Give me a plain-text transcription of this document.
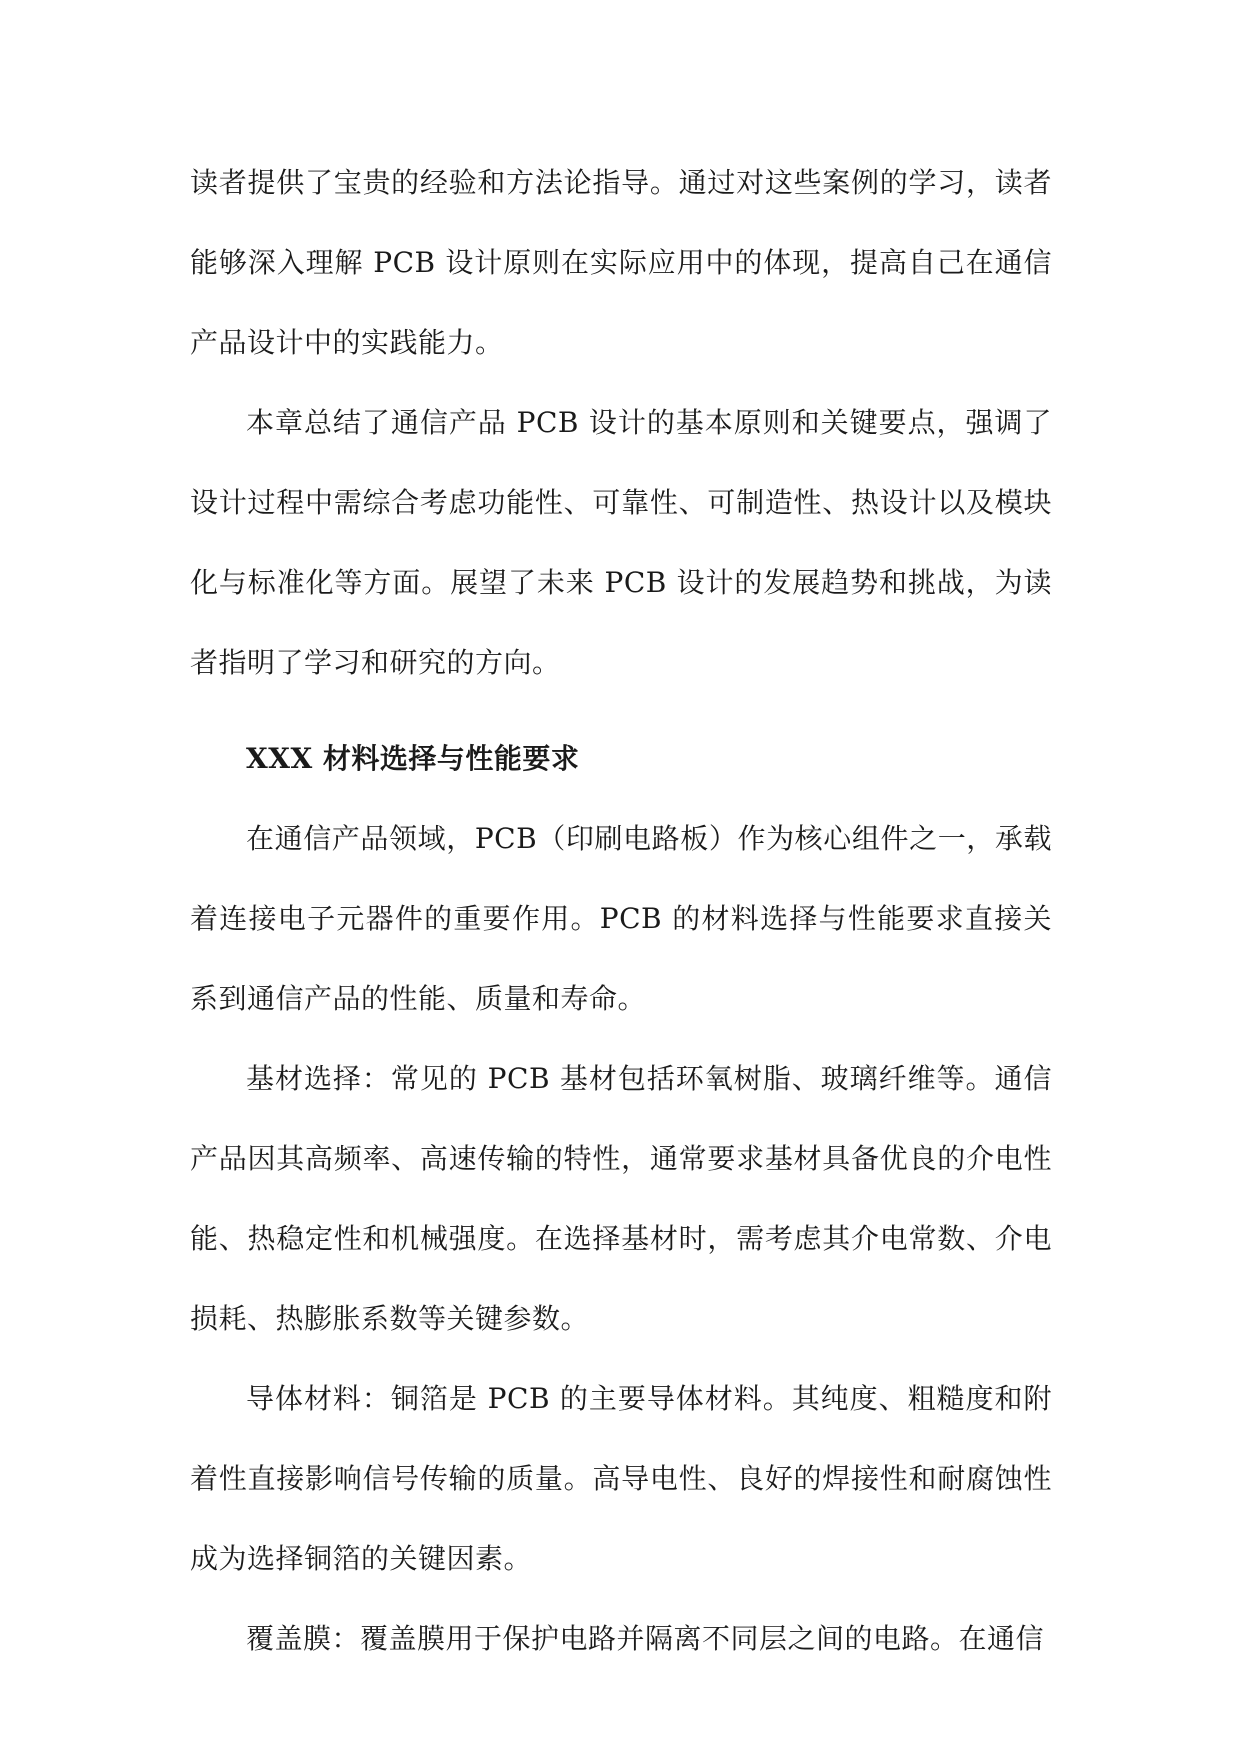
读者提供了宝贵的经验和方法论指导。通过对这些案例的学习，读者能够深入理解 PCB 设计原则在实际应用中的体现，提高自己在通信产品设计中的实践能力。

本章总结了通信产品 PCB 设计的基本原则和关键要点，强调了设计过程中需综合考虑功能性、可靠性、可制造性、热设计以及模块化与标准化等方面。展望了未来 PCB 设计的发展趋势和挑战，为读者指明了学习和研究的方向。

XXX 材料选择与性能要求

在通信产品领域，PCB（印刷电路板）作为核心组件之一，承载着连接电子元器件的重要作用。PCB 的材料选择与性能要求直接关系到通信产品的性能、质量和寿命。

基材选择：常见的 PCB 基材包括环氧树脂、玻璃纤维等。通信产品因其高频率、高速传输的特性，通常要求基材具备优良的介电性能、热稳定性和机械强度。在选择基材时，需考虑其介电常数、介电损耗、热膨胀系数等关键参数。

导体材料：铜箔是 PCB 的主要导体材料。其纯度、粗糙度和附着性直接影响信号传输的质量。高导电性、良好的焊接性和耐腐蚀性成为选择铜箔的关键因素。

覆盖膜：覆盖膜用于保护电路并隔离不同层之间的电路。在通信
